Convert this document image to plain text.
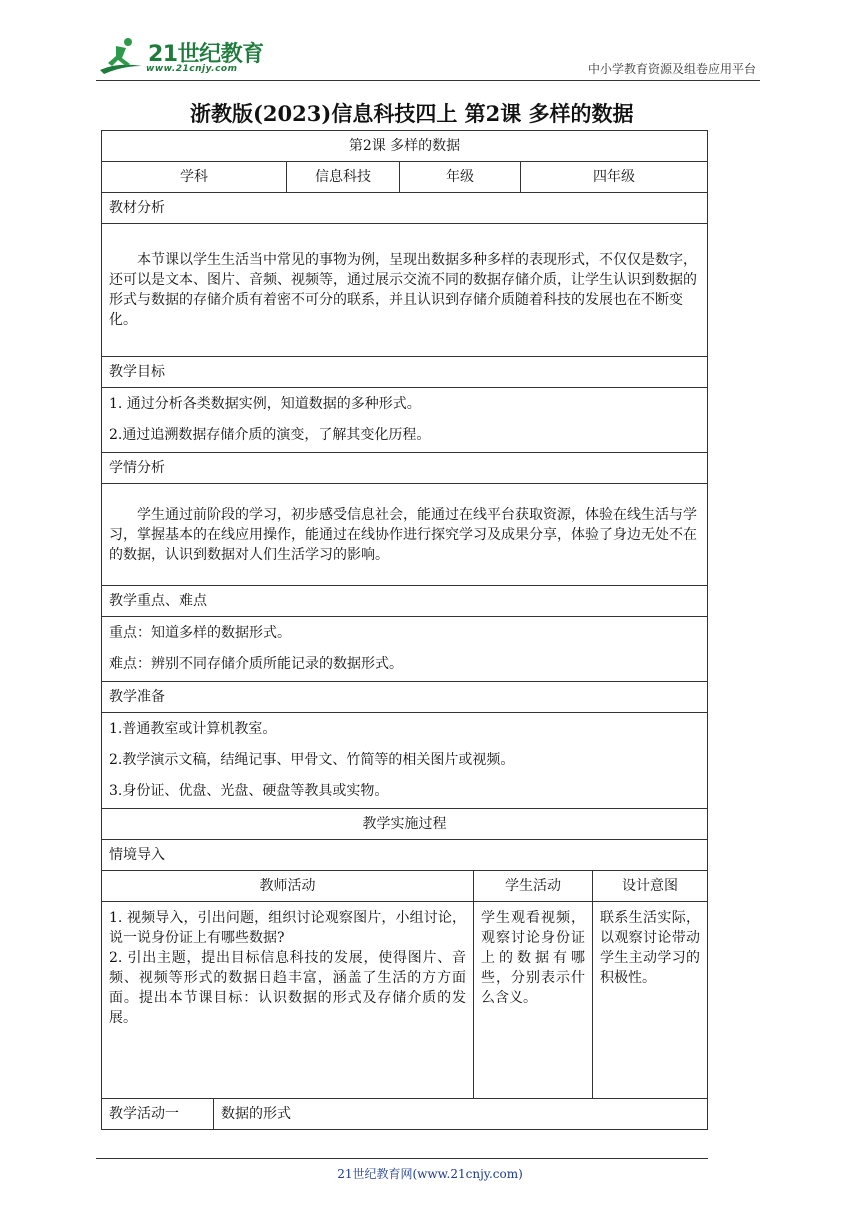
21世纪教育
www.21cnjy.com	中小学教育资源及组卷应用平台
浙教版(2023)信息科技四上 第2课 多样的数据
第2课 多样的数据						
学科		信息科技	年级		四年级	
教材分析						
本节课以学生生活当中常见的事物为例，呈现出数据多种多样的表现形式，不仅仅是数字，还可以是文本、图片、音频、视频等，通过展示交流不同的数据存储介质，让学生认识到数据的形式与数据的存储介质有着密不可分的联系，并且认识到存储介质随着科技的发展也在不断变化。						
教学目标						

1. 通过分析各类数据实例，知道数据的多种形式。
2.通过追溯数据存储介质的演变，了解其变化历程。						

学情分析						
学生通过前阶段的学习，初步感受信息社会，能通过在线平台获取资源，体验在线生活与学习，掌握基本的在线应用操作，能通过在线协作进行探究学习及成果分享，体验了身边无处不在的数据，认识到数据对人们生活学习的影响。						
教学重点、难点						

重点：知道多样的数据形式。
难点：辨别不同存储介质所能记录的数据形式。						

教学准备						

1.普通教室或计算机教室。
2.教学演示文稿，结绳记事、甲骨文、竹简等的相关图片或视频。
3.身份证、优盘、光盘、硬盘等教具或实物。						

教学实施过程						
情境导入						
教师活动				学生活动		设计意图

1. 视频导入，引出问题，组织讨论观察图片，小组讨论，说一说身份证上有哪些数据?
2. 引出主题，提出目标信息科技的发展，使得图片、音频、视频等形式的数据日趋丰富，涵盖了生活的方方面面。提出本节课目标：认识数据的形式及存储介质的发展。				学生观看视频，观察讨论身份证上的数据有哪些，分别表示什么含义。		联系生活实际，以观察讨论带动学生主动学习的积极性。
教学活动一	数据的形式					
21世纪教育网(www.21cnjy.com)
